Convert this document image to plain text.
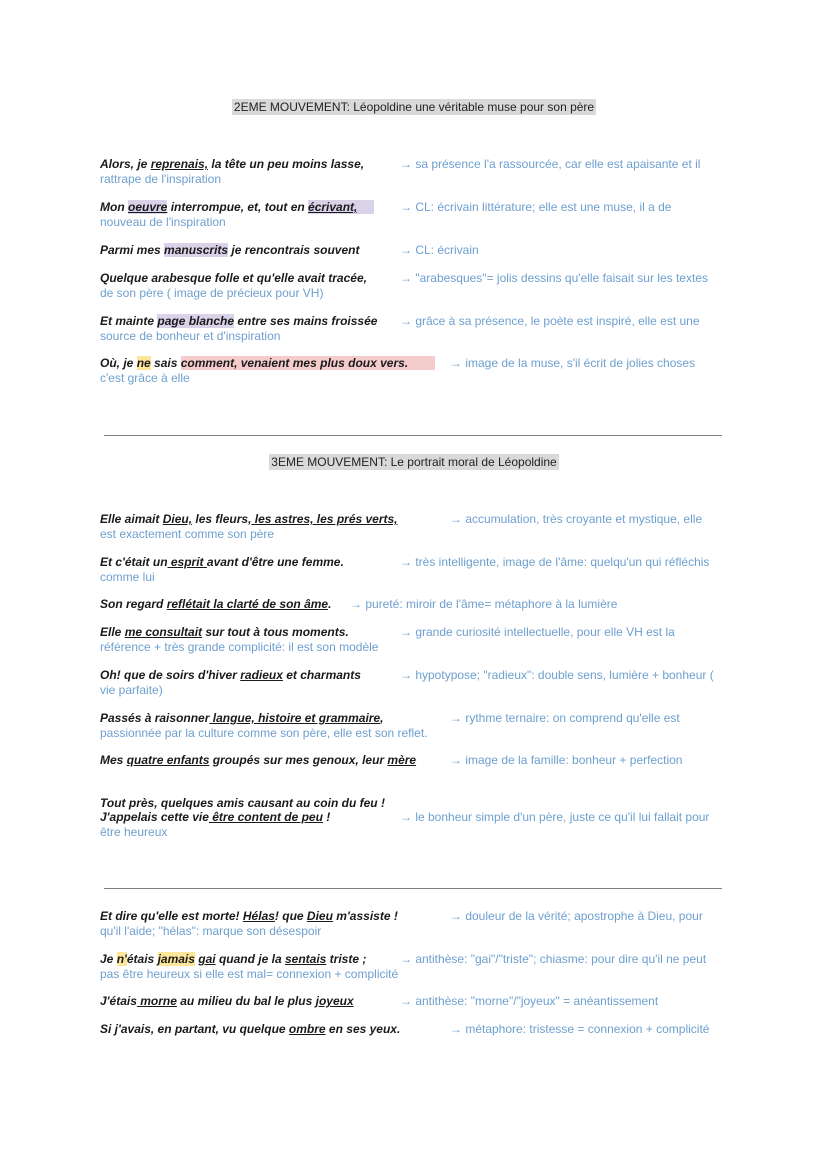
2EME MOUVEMENT: Léopoldine une véritable muse pour son père
Alors, je reprenais, la tête un peu moins lasse,	→ sa présence l'a rassourcée, car elle est apaisante et il
rattrape de l'inspiration
Mon oeuvre interrompue, et, tout en écrivant,	→ CL: écrivain littérature; elle est une muse, il a de
nouveau de l'inspiration
Parmi mes manuscrits je rencontrais souvent	→ CL: écrivain
Quelque arabesque folle et qu'elle avait tracée,	→ "arabesques"= jolis dessins qu'elle faisait sur les textes
de son père ( image de précieux pour VH)
Et mainte page blanche entre ses mains froissée → grâce à sa présence, le poète est inspiré, elle est une
source de bonheur et d'inspiration
Où, je ne sais comment, venaient mes plus doux vers.	→ image de la muse, s'il écrit de jolies choses
c'est grâce à elle
3EME MOUVEMENT: Le portrait moral de Léopoldine
Elle aimait Dieu, les fleurs, les astres, les prés verts,	→ accumulation, très croyante et mystique, elle
est exactement comme son père
Et c'était un esprit avant d'être une femme.	→ très intelligente, image de l'âme: quelqu'un qui réfléchis
comme lui
Son regard reflétait la clarté de son âme. → pureté: miroir de l'âme= métaphore à la lumière
Elle me consultait sur tout à tous moments.	→ grande curiosité intellectuelle, pour elle VH est la
référence + très grande complicité: il est son modèle
Oh! que de soirs d'hiver radieux et charmants	→ hypotypose; "radieux": double sens, lumière + bonheur (
vie parfaite)
Passés à raisonner langue, histoire et grammaire,	→ rythme ternaire: on comprend qu'elle est
passionnée par la culture comme son père, elle est son reflet.
Mes quatre enfants groupés sur mes genoux, leur mère	→ image de la famille: bonheur + perfection
Tout près, quelques amis causant au coin du feu !
J'appelais cette vie être content de peu !	→ le bonheur simple d'un père, juste ce qu'il lui fallait pour
être heureux
Et dire qu'elle est morte! Hélas! que Dieu m'assiste !	→ douleur de la vérité; apostrophe à Dieu, pour
qu'il l'aide; "hélas": marque son désespoir
Je n'étais jamais gai quand je la sentais triste ;	→ antithèse: "gai"/"triste"; chiasme: pour dire qu'il ne peut
pas être heureux si elle est mal= connexion + complicité
J'étais morne au milieu du bal le plus joyeux	→ antithèse: "morne"/"joyeux" = anéantissement
Si j'avais, en partant, vu quelque ombre en ses yeux.	→ métaphore: tristesse = connexion + complicité
